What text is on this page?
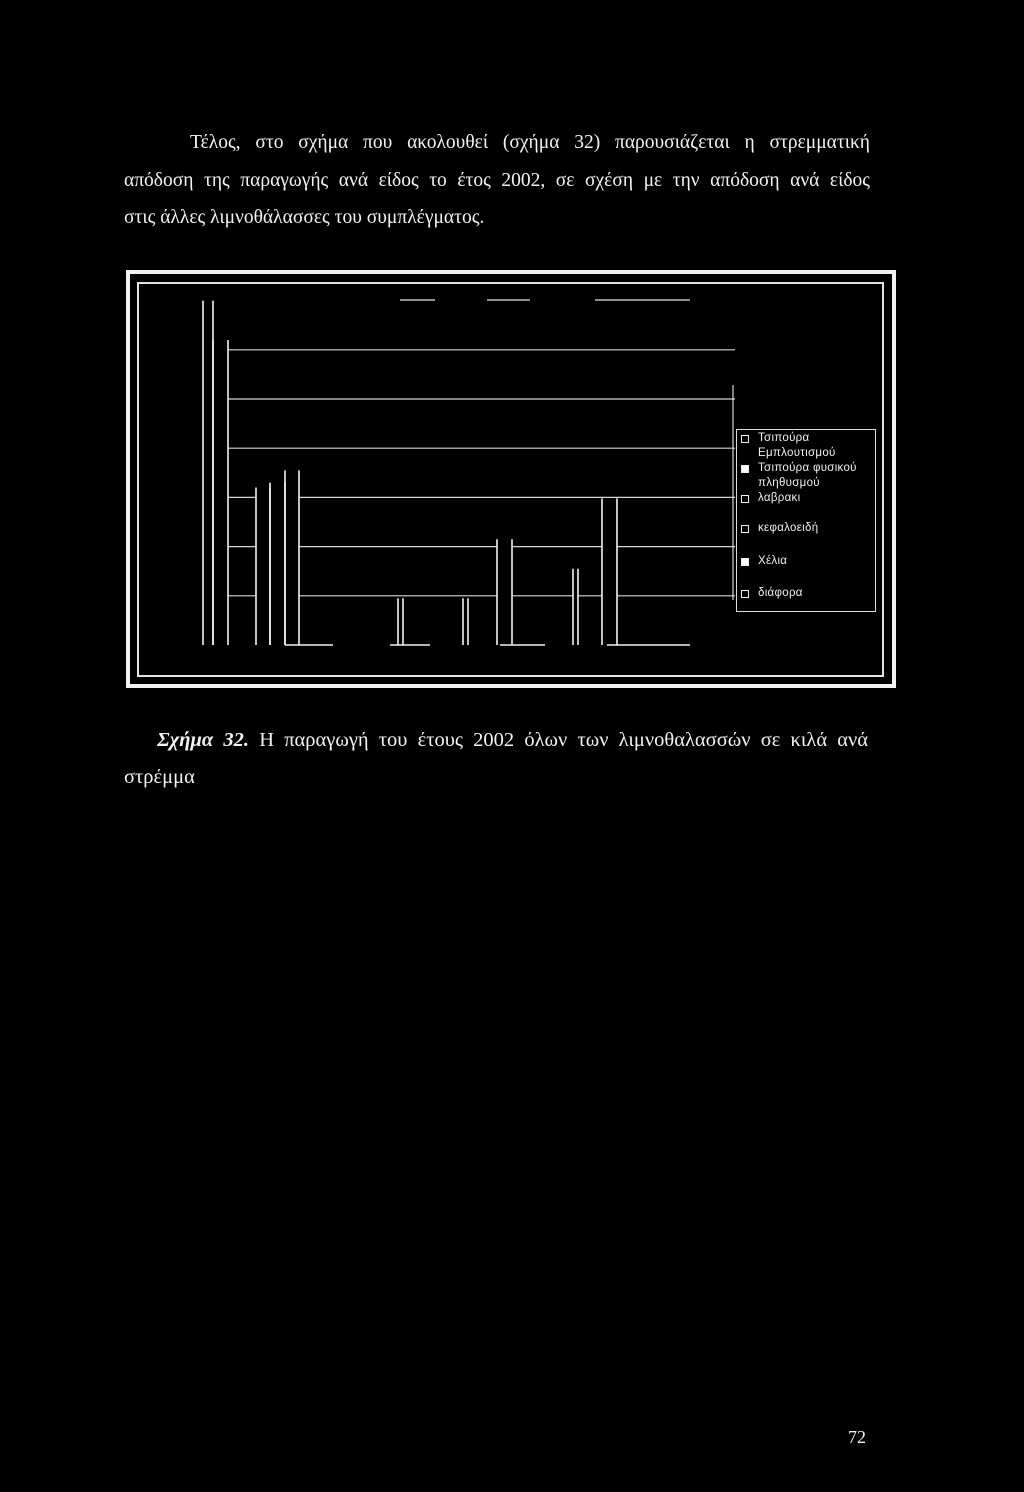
Τέλος, στο σχήμα που ακολουθεί (σχήμα 32) παρουσιάζεται η στρεμματική
απόδοση της παραγωγής ανά είδος το έτος 2002, σε σχέση με την απόδοση ανά είδος
στις άλλες λιμνοθάλασσες του συμπλέγματος.
Τσιπούρα Εμπλουτισμού
Τσιπούρα φυσικού πληθυσμού
λαβρακι
κεφαλοειδή
Χέλια
διάφορα
Σχήμα 32. Η παραγωγή του έτους 2002 όλων των λιμνοθαλασσών σε κιλά ανά
στρέμμα
72
